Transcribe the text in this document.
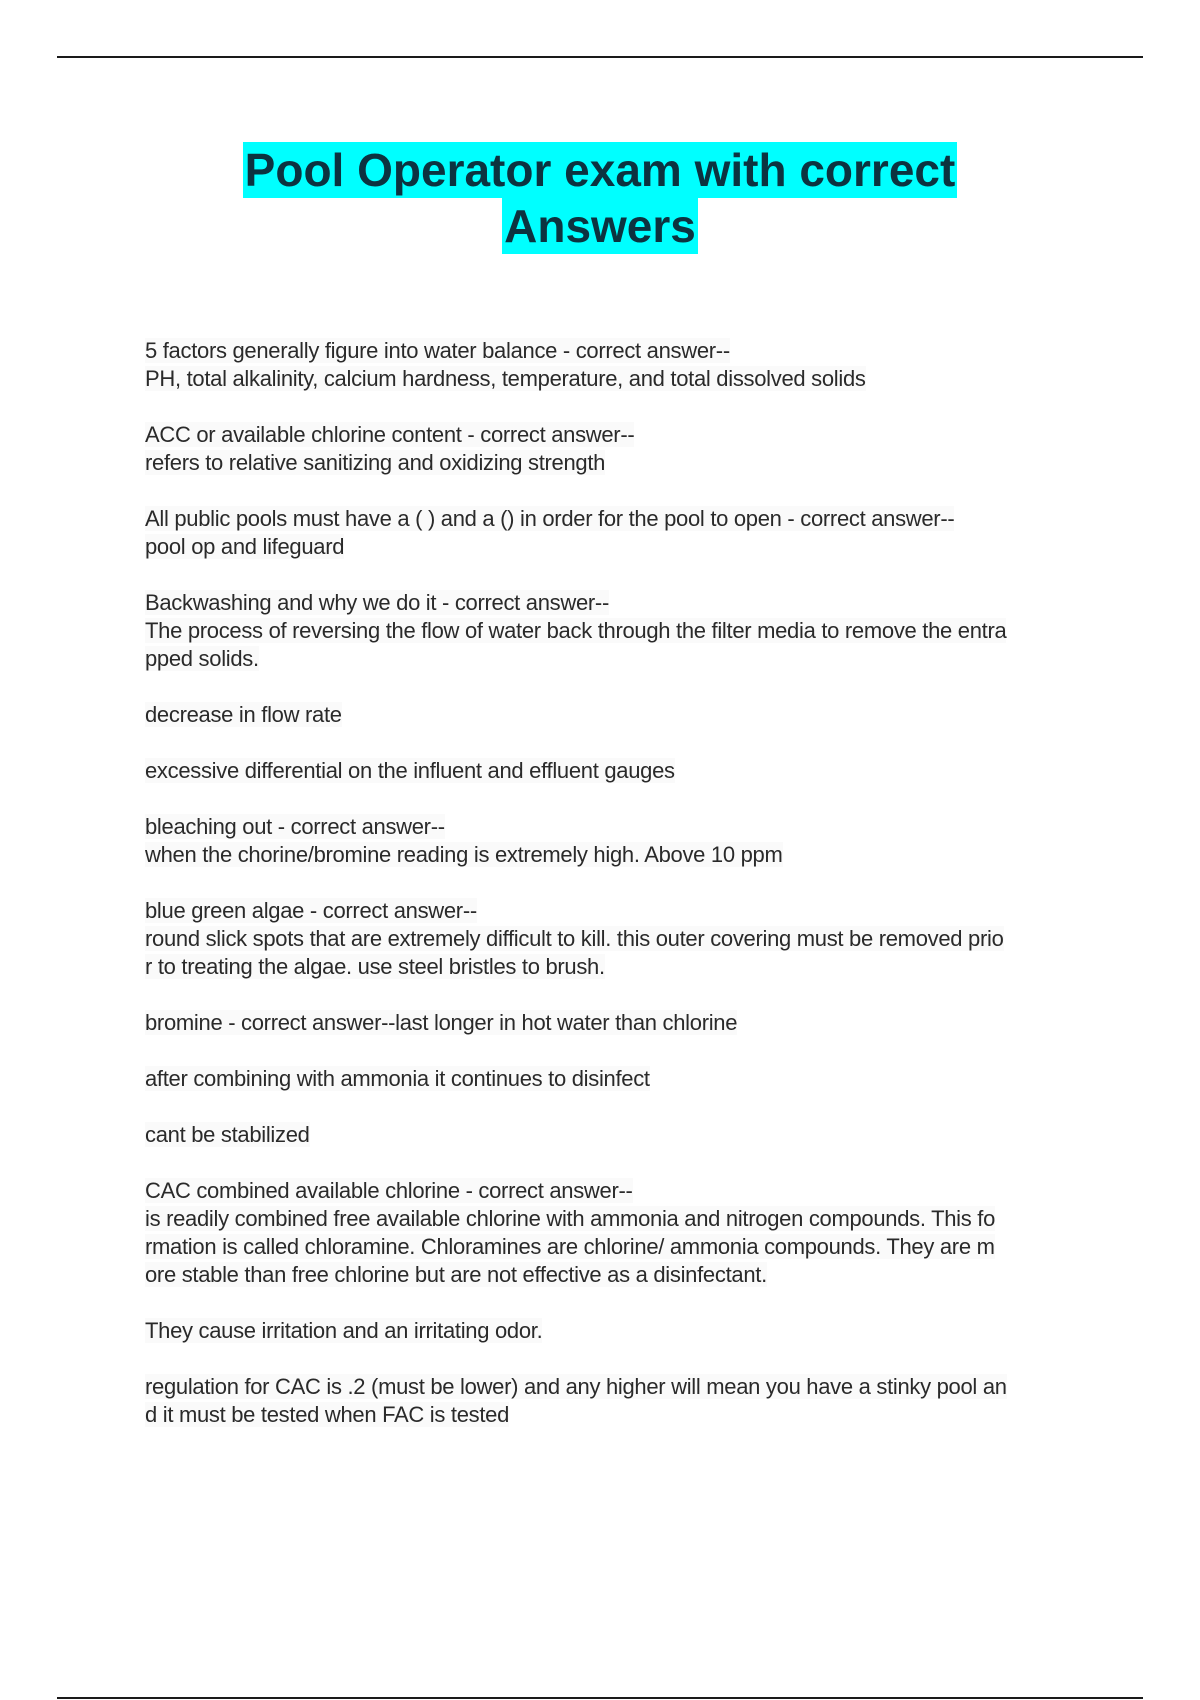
Pool Operator exam with correct
Answers
5 factors generally figure into water balance - correct answer--
PH, total alkalinity, calcium hardness, temperature, and total dissolved solids
ACC or available chlorine content - correct answer--
refers to relative sanitizing and oxidizing strength
All public pools must have a ( ) and a () in order for the pool to open - correct answer--
pool op and lifeguard
Backwashing and why we do it - correct answer--
The process of reversing the flow of water back through the filter media to remove the entra
pped solids.
decrease in flow rate
excessive differential on the influent and effluent gauges
bleaching out - correct answer--
when the chorine/bromine reading is extremely high. Above 10 ppm
blue green algae - correct answer--
round slick spots that are extremely difficult to kill. this outer covering must be removed prio
r to treating the algae. use steel bristles to brush.
bromine - correct answer--last longer in hot water than chlorine
after combining with ammonia it continues to disinfect
cant be stabilized
CAC combined available chlorine - correct answer--
is readily combined free available chlorine with ammonia and nitrogen compounds. This fo
rmation is called chloramine. Chloramines are chlorine/ ammonia compounds. They are m
ore stable than free chlorine but are not effective as a disinfectant.
They cause irritation and an irritating odor.
regulation for CAC is .2 (must be lower) and any higher will mean you have a stinky pool an
d it must be tested when FAC is tested
